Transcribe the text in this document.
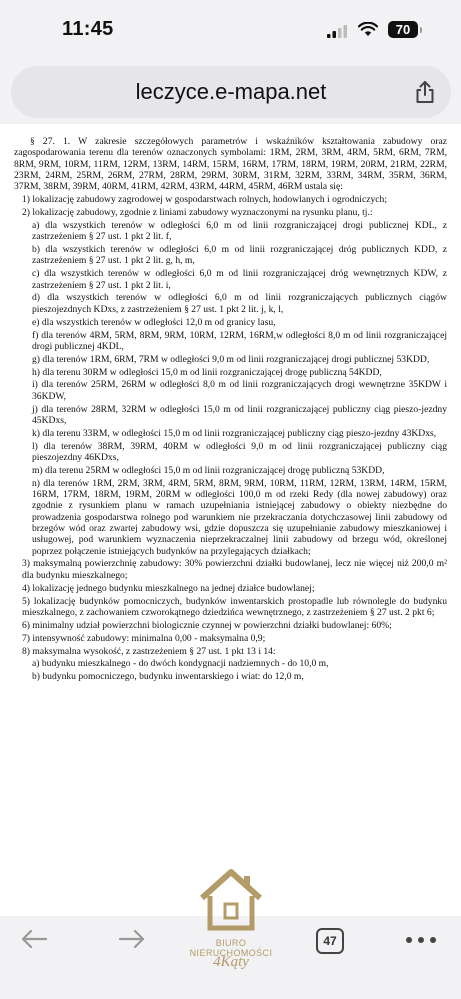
11:45	70
leczyce.e-mapa.net

§ 27. 1. W zakresie szczegółowych parametrów i wskaźników kształtowania zabudowy oraz zagospodarowania terenu dla terenów oznaczonych symbolami: 1RM, 2RM, 3RM, 4RM, 5RM, 6RM, 7RM, 8RM, 9RM, 10RM, 11RM, 12RM, 13RM, 14RM, 15RM, 16RM, 17RM, 18RM, 19RM, 20RM, 21RM, 22RM, 23RM, 24RM, 25RM, 26RM, 27RM, 28RM, 29RM, 30RM, 31RM, 32RM, 33RM, 34RM, 35RM, 36RM, 37RM, 38RM, 39RM, 40RM, 41RM, 42RM, 43RM, 44RM, 45RM, 46RM ustala się:

1) lokalizację zabudowy zagrodowej w gospodarstwach rolnych, hodowlanych i ogrodniczych;

2) lokalizację zabudowy, zgodnie z liniami zabudowy wyznaczonymi na rysunku planu, tj.:

a) dla wszystkich terenów w odległości 6,0 m od linii rozgraniczającej drogi publicznej KDL, z zastrzeżeniem § 27 ust. 1 pkt 2 lit. f,

b) dla wszystkich terenów w odległości 6,0 m od linii rozgraniczającej dróg publicznych KDD, z zastrzeżeniem § 27 ust. 1 pkt 2 lit. g, h, m,

c) dla wszystkich terenów w odległości 6,0 m od linii rozgraniczającej dróg wewnętrznych KDW, z zastrzeżeniem § 27 ust. 1 pkt 2 lit. i,

d) dla wszystkich terenów w odległości 6,0 m od linii rozgraniczających publicznych ciągów pieszojezdnych KDxs, z zastrzeżeniem § 27 ust. 1 pkt 2 lit. j, k, l,

e) dla wszystkich terenów w odległości 12,0 m od granicy lasu,

f) dla terenów 4RM, 5RM, 8RM, 9RM, 10RM, 12RM, 16RM,w odległości 8,0 m od linii rozgraniczającej drogi publicznej 4KDL,

g) dla terenów 1RM, 6RM, 7RM w odległości 9,0 m od linii rozgraniczającej drogi publicznej 53KDD,

h) dla terenu 30RM w odległości 15,0 m od linii rozgraniczającej drogę publiczną 54KDD,

i) dla terenów 25RM, 26RM w odległości 8,0 m od linii rozgraniczających drogi wewnętrzne 35KDW i 36KDW,

j) dla terenów 28RM, 32RM w odległości 15,0 m od linii rozgraniczającej publiczny ciąg pieszo-jezdny 45KDxs,

k) dla terenu 33RM, w odległości 15,0 m od linii rozgraniczającej publiczny ciąg pieszo-jezdny 43KDxs,

l) dla terenów 38RM, 39RM, 40RM w odległości 9,0 m od linii rozgraniczającej publiczny ciąg pieszojezdny 46KDxs,

m) dla terenu 25RM w odległości 15,0 m od linii rozgraniczającej drogę publiczną 53KDD,

n) dla terenów 1RM, 2RM, 3RM, 4RM, 5RM, 8RM, 9RM, 10RM, 11RM, 12RM, 13RM, 14RM, 15RM, 16RM, 17RM, 18RM, 19RM, 20RM w odległości 100,0 m od rzeki Redy (dla nowej zabudowy) oraz zgodnie z rysunkiem planu w ramach uzupełniania istniejącej zabudowy o obiekty niezbędne do prowadzenia gospodarstwa rolnego pod warunkiem nie przekraczania dotychczasowej linii zabudowy od brzegów wód oraz zwartej zabudowy wsi, gdzie dopuszcza się uzupełnianie zabudowy mieszkaniowej i usługowej, pod warunkiem wyznaczenia nieprzekraczalnej linii zabudowy od brzegu wód, określonej poprzez połączenie istniejących budynków na przylegających działkach;

3) maksymalną powierzchnię zabudowy: 30% powierzchni działki budowlanej, lecz nie więcej niż 200,0 m² dla budynku mieszkalnego;

4) lokalizację jednego budynku mieszkalnego na jednej działce budowlanej;

5) lokalizację budynków pomocniczych, budynków inwentarskich prostopadle lub równolegle do budynku mieszkalnego, z zachowaniem czworokątnego dziedzińca wewnętrznego, z zastrzeżeniem § 27 ust. 2 pkt 6;

6) minimalny udział powierzchni biologicznie czynnej w powierzchni działki budowlanej: 60%;

7) intensywność zabudowy: minimalna 0,00 - maksymalna 0,9;

8) maksymalna wysokość, z zastrzeżeniem § 27 ust. 1 pkt 13 i 14:

a) budynku mieszkalnego - do dwóch kondygnacji nadziemnych - do 10,0 m,

b) budynku pomocniczego, budynku inwentarskiego i wiat: do 12,0 m,

47
BIURO NIERUCHOMOŚCI
4Kąty
